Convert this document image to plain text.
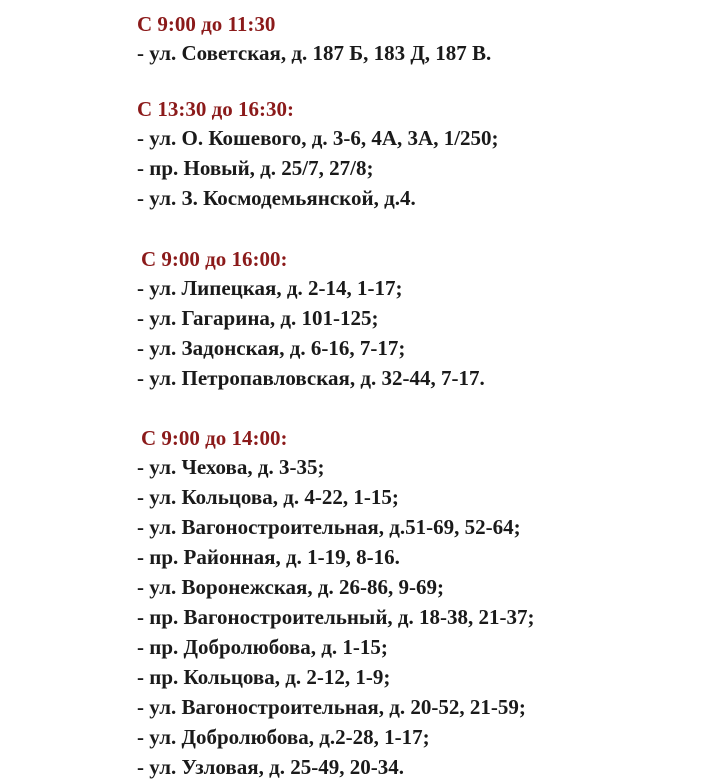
С 9:00 до 11:30
- ул. Советская, д. 187 Б, 183 Д, 187 В.
С 13:30 до 16:30:
- ул. О. Кошевого, д. 3-6, 4А, 3А, 1/250;
- пр. Новый, д. 25/7, 27/8;
- ул. З. Космодемьянской, д.4.
С 9:00 до 16:00:
- ул. Липецкая, д. 2-14, 1-17;
- ул. Гагарина, д. 101-125;
- ул. Задонская, д. 6-16, 7-17;
- ул. Петропавловская, д. 32-44, 7-17.
С 9:00 до 14:00:
- ул. Чехова, д. 3-35;
- ул. Кольцова, д. 4-22, 1-15;
- ул. Вагоностроительная, д.51-69, 52-64;
- пр. Районная, д. 1-19, 8-16.
- ул. Воронежская, д. 26-86, 9-69;
- пр. Вагоностроительный, д. 18-38, 21-37;
- пр. Добролюбова, д. 1-15;
- пр. Кольцова, д. 2-12, 1-9;
- ул. Вагоностроительная, д. 20-52, 21-59;
- ул. Добролюбова, д.2-28, 1-17;
- ул. Узловая, д. 25-49, 20-34.
